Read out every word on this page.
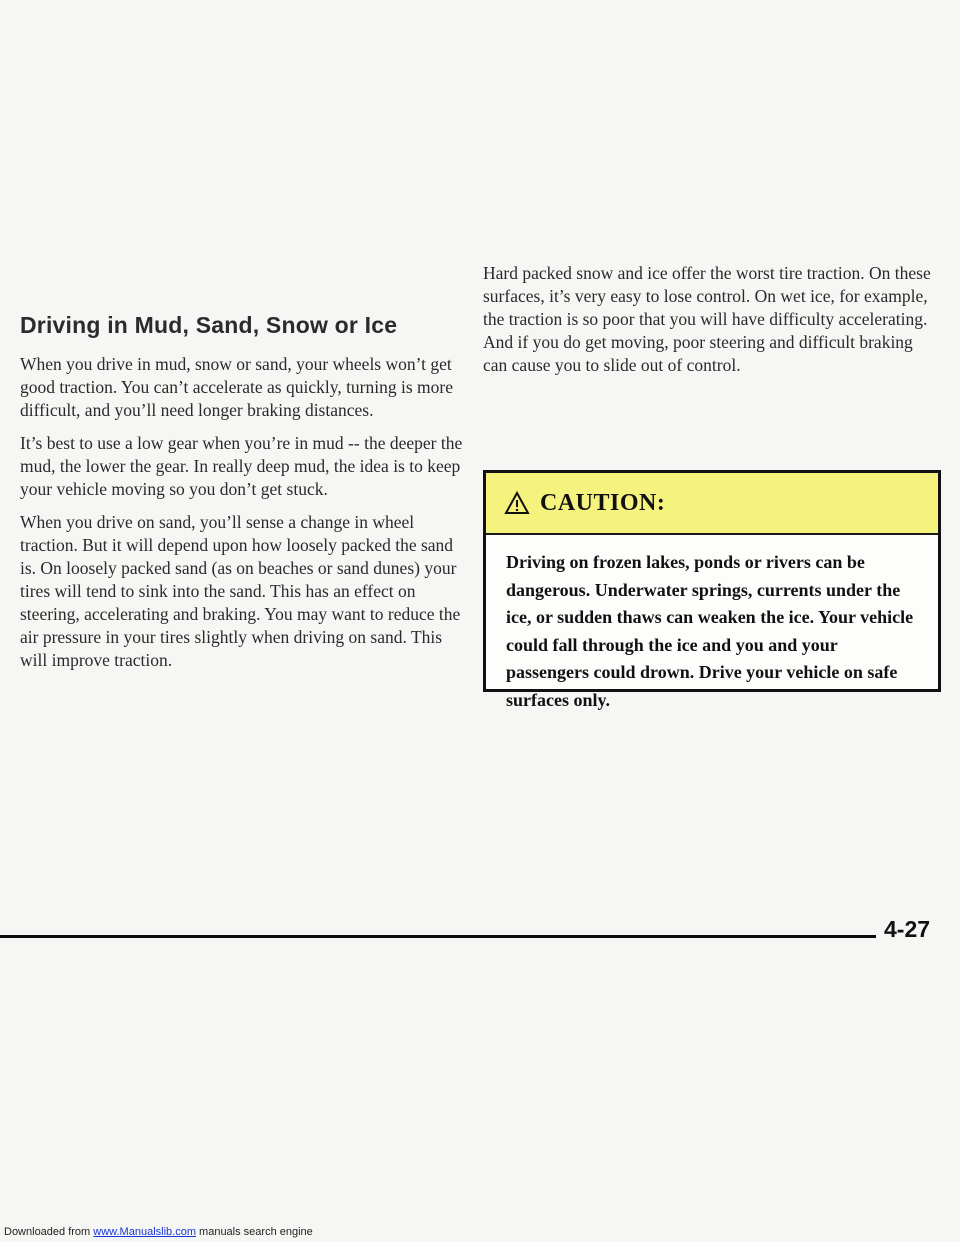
Driving in Mud, Sand, Snow or Ice

When you drive in mud, snow or sand, your wheels won’t get good traction. You can’t accelerate as quickly, turning is more difficult, and you’ll need longer braking distances.

It’s best to use a low gear when you’re in mud -- the deeper the mud, the lower the gear. In really deep mud, the idea is to keep your vehicle moving so you don’t get stuck.

When you drive on sand, you’ll sense a change in wheel traction. But it will depend upon how loosely packed the sand is. On loosely packed sand (as on beaches or sand dunes) your tires will tend to sink into the sand. This has an effect on steering, accelerating and braking. You may want to reduce the air pressure in your tires slightly when driving on sand. This will improve traction.

Hard packed snow and ice offer the worst tire traction. On these surfaces, it’s very easy to lose control. On wet ice, for example, the traction is so poor that you will have difficulty accelerating. And if you do get moving, poor steering and difficult braking can cause you to slide out of control.

CAUTION:
Driving on frozen lakes, ponds or rivers can be dangerous. Underwater springs, currents under the ice, or sudden thaws can weaken the ice. Your vehicle could fall through the ice and you and your passengers could drown. Drive your vehicle on safe surfaces only.
4-27
Downloaded from www.Manualslib.com manuals search engine
